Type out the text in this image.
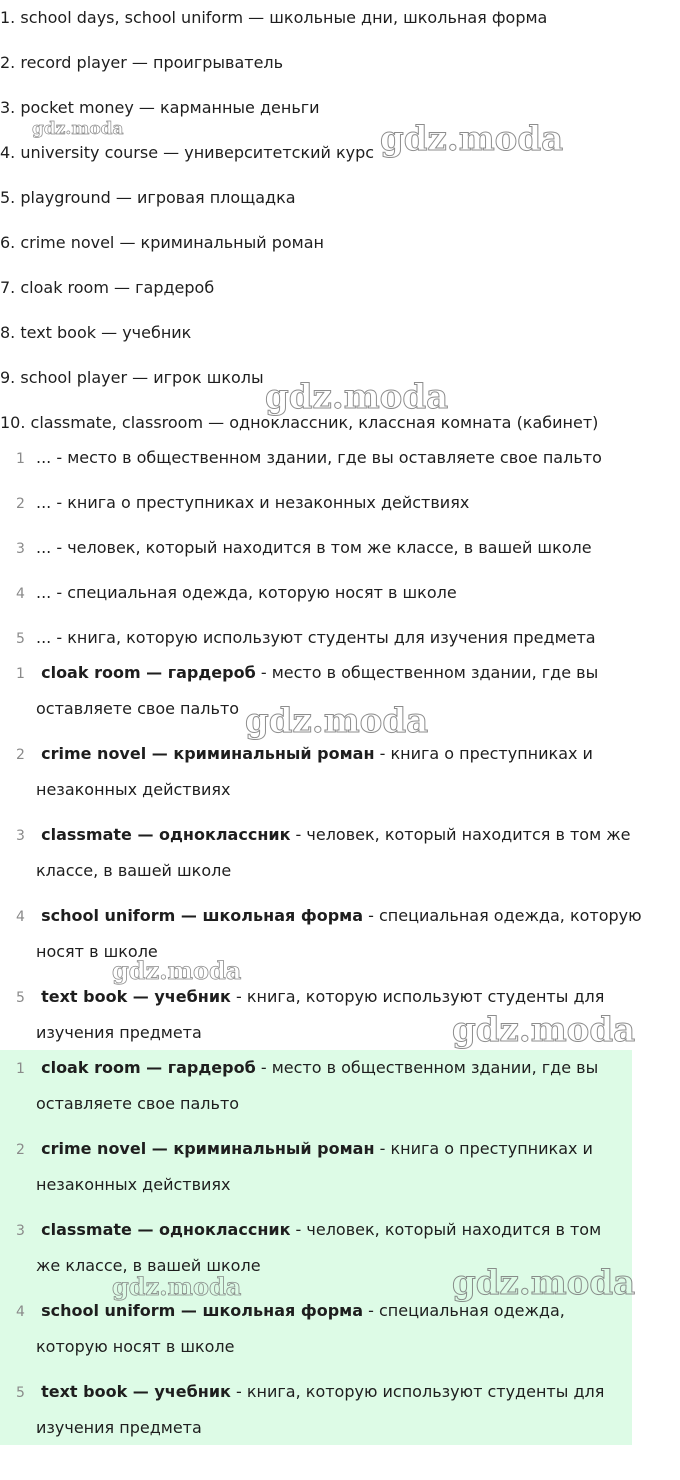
1. school days, school uniform — школьные дни, школьная форма
2. record player — проигрыватель
3. pocket money — карманные деньги
4. university course — университетский курс
5. playground — игровая площадка
6. crime novel — криминальный роман
7. cloak room — гардероб
8. text book — учебник
9. school player — игрок школы
10. classmate, classroom — одноклассник, классная комната (кабинет)
1 ... - место в общественном здании, где вы оставляете свое пальто
2 ... - книга о преступниках и незаконных действиях
3 ... - человек, который находится в том же классе, в вашей школе
4 ... - специальная одежда, которую носят в школе
5 ... - книга, которую используют студенты для изучения предмета
1	cloak room — гардероб - место в общественном здании, где вы оставляете свое пальто
2	crime novel — криминальный роман - книга о преступниках и незаконных действиях
3	classmate — одноклассник - человек, который находится в том же классе, в вашей школе
4	school uniform — школьная форма - специальная одежда, которую носят в школе
5	text book — учебник - книга, которую используют студенты для изучения предмета
1	cloak room — гардероб - место в общественном здании, где вы оставляете свое пальто
2	crime novel — криминальный роман - книга о преступниках и незаконных действиях
3	classmate — одноклассник - человек, который находится в том же классе, в вашей школе
4	school uniform — школьная форма - специальная одежда, которую носят в школе
5	text book — учебник - книга, которую используют студенты для изучения предмета
gdz.moda	gdz.moda
gdz.moda
gdz.moda
gdz.moda
gdz.moda
gdz.moda	gdz.moda
